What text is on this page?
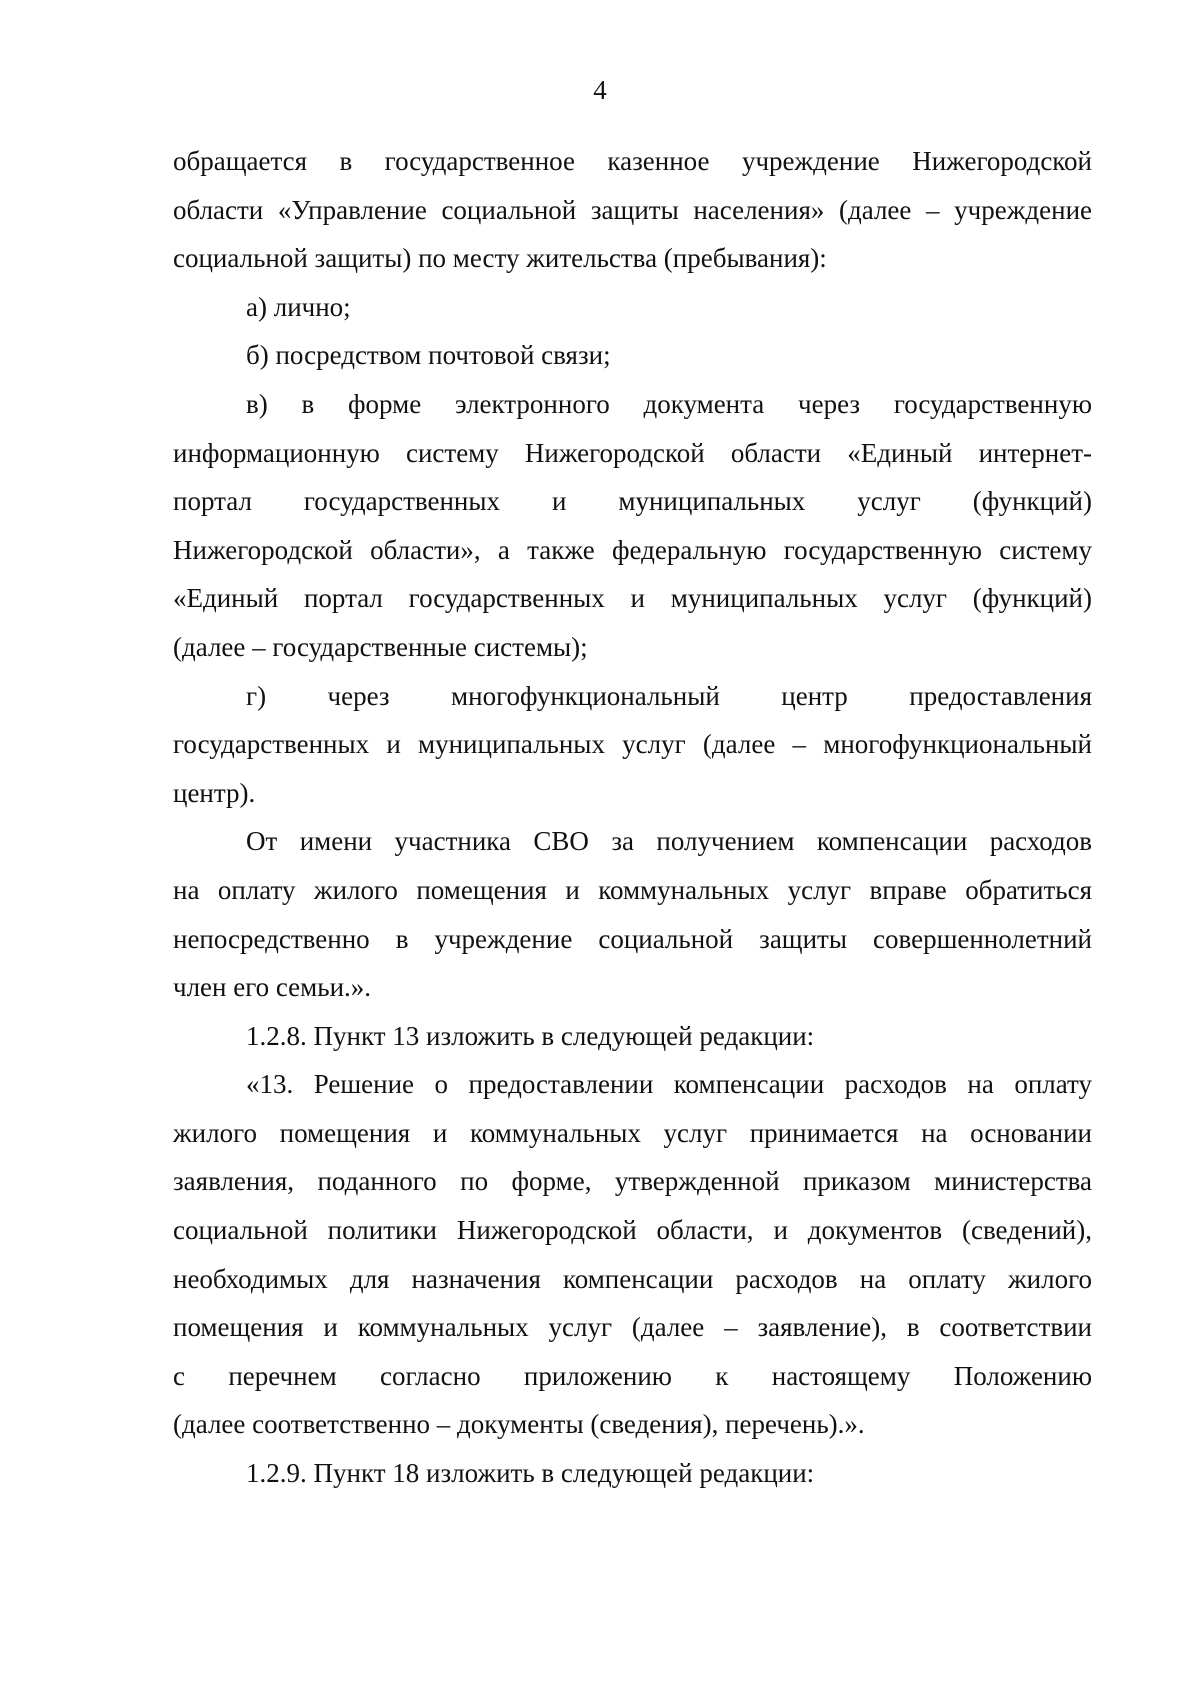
4
обращается в государственное казенное учреждение Нижегородской
области «Управление социальной защиты населения» (далее – учреждение
социальной защиты) по месту жительства (пребывания):
а) лично;
б) посредством почтовой связи;
в) в форме электронного документа через государственную
информационную систему Нижегородской области «Единый интернет-
портал государственных и муниципальных услуг (функций)
Нижегородской области», а также федеральную государственную систему
«Единый портал государственных и муниципальных услуг (функций)
(далее – государственные системы);
г) через многофункциональный центр предоставления
государственных и муниципальных услуг (далее – многофункциональный
центр).
От имени участника СВО за получением компенсации расходов
на оплату жилого помещения и коммунальных услуг вправе обратиться
непосредственно в учреждение социальной защиты совершеннолетний
член его семьи.».
1.2.8. Пункт 13 изложить в следующей редакции:
«13. Решение о предоставлении компенсации расходов на оплату
жилого помещения и коммунальных услуг принимается на основании
заявления, поданного по форме, утвержденной приказом министерства
социальной политики Нижегородской области, и документов (сведений),
необходимых для назначения компенсации расходов на оплату жилого
помещения и коммунальных услуг (далее – заявление), в соответствии
с перечнем согласно приложению к настоящему Положению
(далее соответственно – документы (сведения), перечень).».
1.2.9. Пункт 18 изложить в следующей редакции:
